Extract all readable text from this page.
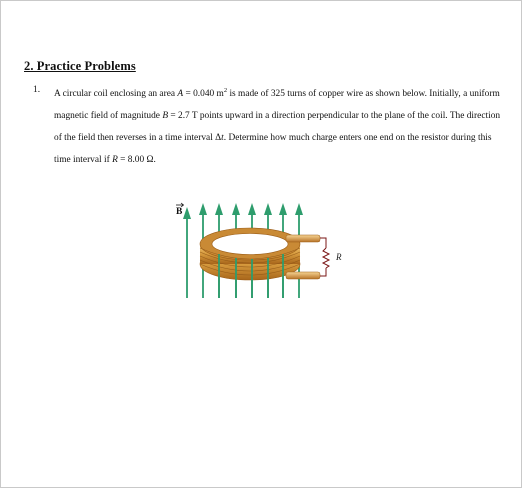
2. Practice Problems
1. A circular coil enclosing an area A = 0.040 $m^2$ is made of 325 turns of copper wire as shown below. Initially, a uniform magnetic field of magnitude B = 2.7 T points upward in a direction perpendicular to the plane of the coil. The direction of the field then reverses in a time interval Δt. Determine how much charge enters one end on the resistor during this time interval if R = 8.00 Ω.
B
R
